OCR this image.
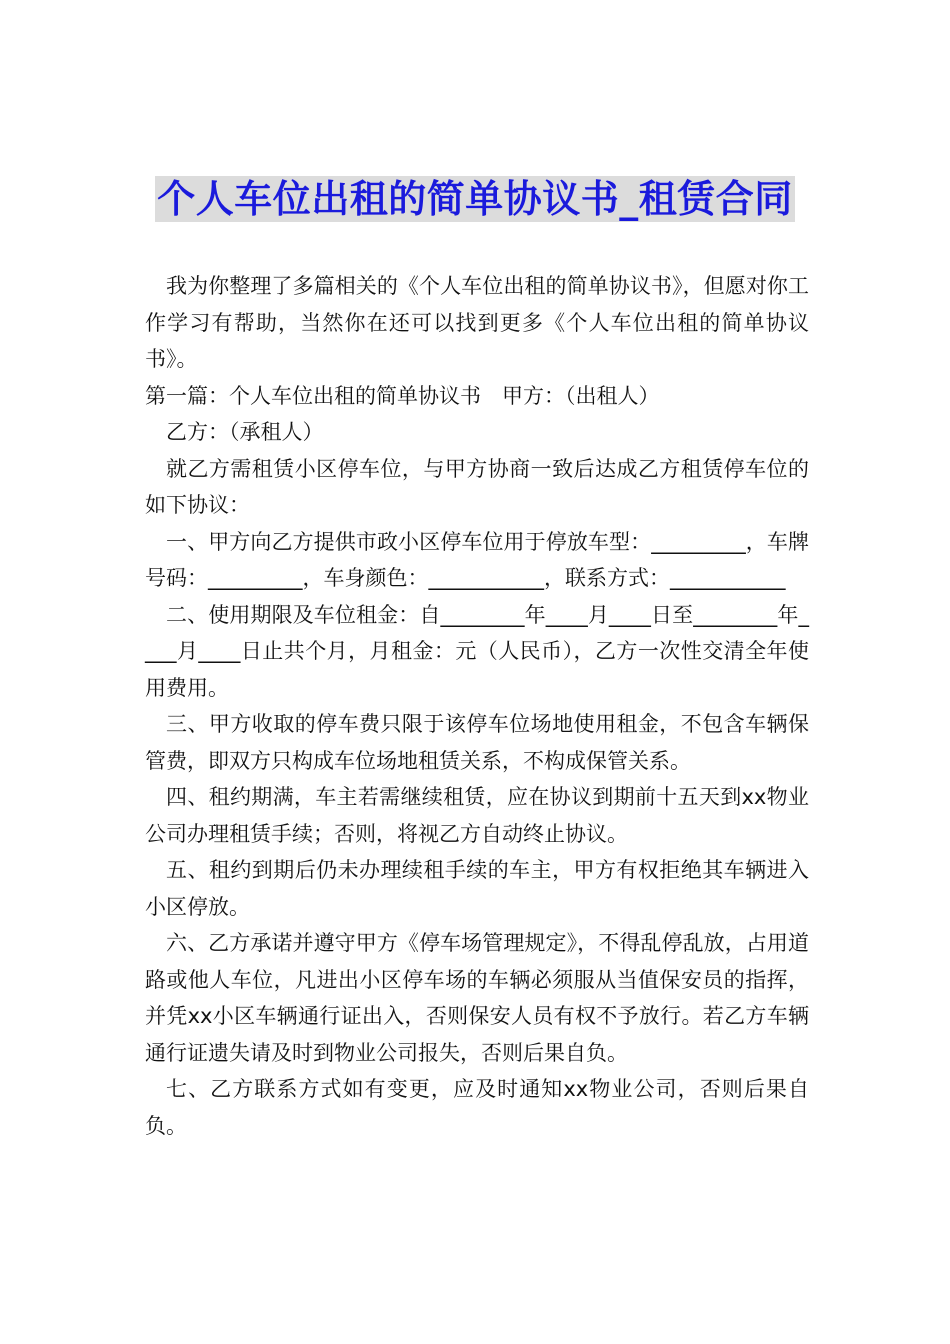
个人车位出租的简单协议书_租赁合同

我为你整理了多篇相关的《个人车位出租的简单协议书》，但愿对你工作学习有帮助，当然你在还可以找到更多《个人车位出租的简单协议书》。

第一篇：个人车位出租的简单协议书　甲方：（出租人）

乙方：（承租人）

就乙方需租赁小区停车位，与甲方协商一致后达成乙方租赁停车位的如下协议：

一、甲方向乙方提供市政小区停车位用于停放车型：_________，车牌号码：_________，车身颜色：___________，联系方式：___________

二、使用期限及车位租金：自________年____月____日至________年____月____日止共个月，月租金：元（人民币），乙方一次性交清全年使用费用。

三、甲方收取的停车费只限于该停车位场地使用租金，不包含车辆保管费，即双方只构成车位场地租赁关系，不构成保管关系。

四、租约期满，车主若需继续租赁，应在协议到期前十五天到xx物业公司办理租赁手续；否则，将视乙方自动终止协议。

五、租约到期后仍未办理续租手续的车主，甲方有权拒绝其车辆进入小区停放。

六、乙方承诺并遵守甲方《停车场管理规定》，不得乱停乱放，占用道路或他人车位，凡进出小区停车场的车辆必须服从当值保安员的指挥，并凭xx小区车辆通行证出入，否则保安人员有权不予放行。若乙方车辆通行证遗失请及时到物业公司报失，否则后果自负。

七、乙方联系方式如有变更，应及时通知xx物业公司，否则后果自负。
